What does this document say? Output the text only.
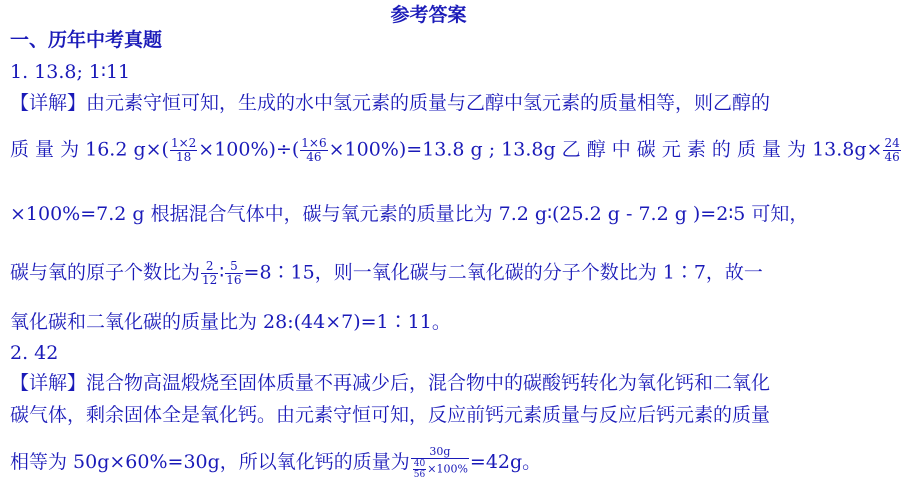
参考答案
一、历年中考真题
1. 13.8; 1∶11
【详解】由元素守恒可知，生成的水中氢元素的质量与乙醇中氢元素的质量相等，则乙醇的
质 量 为 16.2 $g\times( \frac{1\times 2}{18} \times 100\%)\div( \frac{1\times 6}{46} \times 100\%)=13.8$ g ; 13.8g 乙 醇 中 碳 元 素 的 质 量 为 $13.8g\times \frac{24}{46}$
×100%=7.2 g 根据混合气体中，碳与氧元素的质量比为 7.2 g∶(25.2 g - 7.2 g )=2∶5 可知，
碳与氧的原子个数比为 $\frac{2}{12}$ ∶ $\frac{5}{16}$ =8∶15，则一氧化碳与二氧化碳的分子个数比为 1∶7，故一
氧化碳和二氧化碳的质量比为 28:(44×7)=1∶11。
2. 42
【详解】混合物高温煅烧至固体质量不再减少后，混合物中的碳酸钙转化为氧化钙和二氧化
碳气体，剩余固体全是氧化钙。由元素守恒可知，反应前钙元素质量与反应后钙元素的质量
相等为 50g×60%=30g，所以氧化钙的质量为 $\frac{30g}{\frac{40}{56} \times 100\%} =42g$。
